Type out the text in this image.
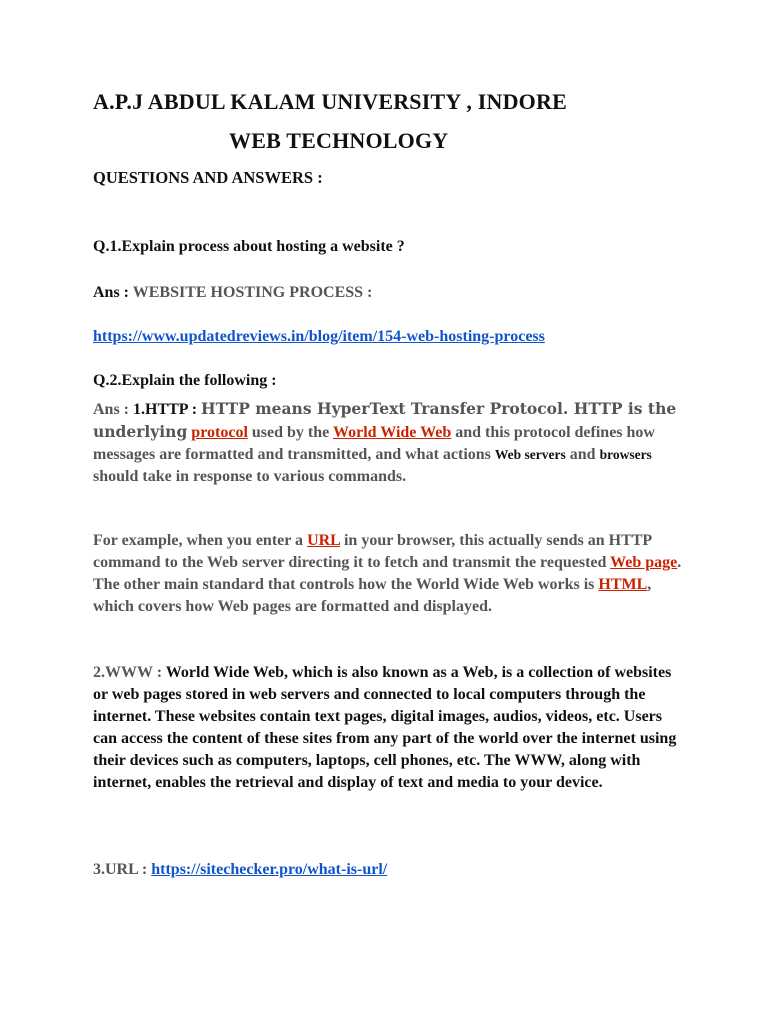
A.P.J ABDUL KALAM UNIVERSITY , INDORE
WEB TECHNOLOGY
QUESTIONS AND ANSWERS :
Q.1.Explain process about hosting a website ?
Ans : WEBSITE HOSTING PROCESS :
https://www.updatedreviews.in/blog/item/154-web-hosting-process
Q.2.Explain the following :
Ans : 1.HTTP : HTTP means HyperText Transfer Protocol. HTTP is the underlying protocol used by the World Wide Web and this protocol defines how messages are formatted and transmitted, and what actions Web servers and browsers should take in response to various commands.
For example, when you enter a URL in your browser, this actually sends an HTTP command to the Web server directing it to fetch and transmit the requested Web page. The other main standard that controls how the World Wide Web works is HTML, which covers how Web pages are formatted and displayed.
2.WWW : World Wide Web, which is also known as a Web, is a collection of websites or web pages stored in web servers and connected to local computers through the internet. These websites contain text pages, digital images, audios, videos, etc. Users can access the content of these sites from any part of the world over the internet using their devices such as computers, laptops, cell phones, etc. The WWW, along with internet, enables the retrieval and display of text and media to your device.
3.URL : https://sitechecker.pro/what-is-url/
